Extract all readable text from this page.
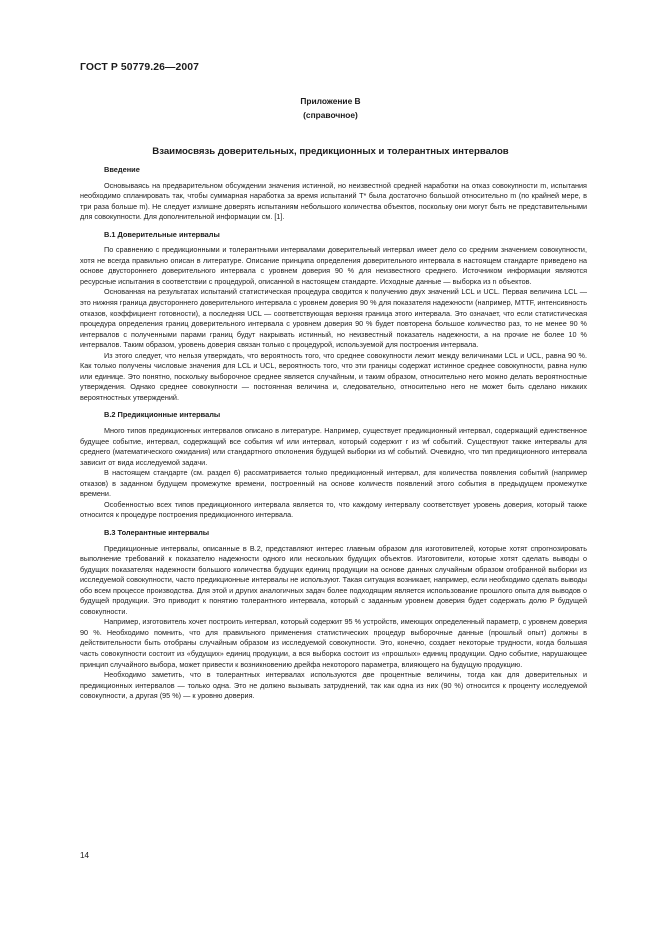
ГОСТ Р 50779.26—2007
Приложение В
(справочное)
Взаимосвязь доверительных, предикционных и толерантных интервалов
Введение

Основываясь на предварительном обсуждении значения истинной, но неизвестной средней наработки на отказ совокупности m, испытания необходимо спланировать так, чтобы суммарная наработка за время испытаний T* была достаточно большой относительно m (по крайней мере, в три раза больше m). Не следует излишне доверять испытаниям небольшого количества объектов, поскольку они могут быть не представительными для совокупности. Для дополнительной информации см. [1].

В.1 Доверительные интервалы

По сравнению с предикционными и толерантными интервалами доверительный интервал имеет дело со средним значением совокупности, хотя не всегда правильно описан в литературе. Описание принципа определения доверительного интервала в настоящем стандарте приведено на основе двустороннего доверительного интервала с уровнем доверия 90 % для неизвестного среднего. Источником информации являются ресурсные испытания в соответствии с процедурой, описанной в настоящем стандарте. Исходные данные — выборка из n объектов.

Основанная на результатах испытаний статистическая процедура сводится к получению двух значений LCL и UCL. Первая величина LCL — это нижняя граница двустороннего доверительного интервала с уровнем доверия 90 % для показателя надежности (например, MTTF, интенсивность отказов, коэффициент готовности), а последняя UCL — соответствующая верхняя граница этого интервала. Это означает, что если статистическая процедура определения границ доверительного интервала с уровнем доверия 90 % будет повторена большое количество раз, то не менее 90 % интервалов с полученными парами границ будут накрывать истинный, но неизвестный показатель надежности, а на прочие не более 10 % интервалов. Таким образом, уровень доверия связан только с процедурой, используемой для построения интервала.

Из этого следует, что нельзя утверждать, что вероятность того, что среднее совокупности лежит между величинами LCL и UCL, равна 90 %. Как только получены числовые значения для LCL и UCL, вероятность того, что эти границы содержат истинное среднее совокупности, равна нулю или единице. Это понятно, поскольку выборочное среднее является случайным, и таким образом, относительно него можно делать вероятностные утверждения. Однако среднее совокупности — постоянная величина и, следовательно, относительно него не может быть сделано никаких вероятностных утверждений.

В.2 Предикционные интервалы

Много типов предикционных интервалов описано в литературе. Например, существует предикционный интервал, содержащий единственное будущее событие, интервал, содержащий все события wf или интервал, который содержит r из wf событий. Существуют также интервалы для среднего (математического ожидания) или стандартного отклонения будущей выборки из wf событий. Очевидно, что тип предикционного интервала зависит от вида исследуемой задачи.

В настоящем стандарте (см. раздел 6) рассматривается только предикционный интервал, для количества появления событий (например отказов) в заданном будущем промежутке времени, построенный на основе количеств появлений этого события в предыдущем промежутке времени.

Особенностью всех типов предикционного интервала является то, что каждому интервалу соответствует уровень доверия, который также относится к процедуре построения предикционного интервала.

В.3 Толерантные интервалы

Предикционные интервалы, описанные в В.2, представляют интерес главным образом для изготовителей, которые хотят спрогнозировать выполнение требований к показателю надежности одного или нескольких будущих объектов. Изготовители, которые хотят сделать выводы о будущих показателях надежности большого количества будущих единиц продукции на основе данных случайным образом отобранной выборки из исследуемой совокупности, часто предикционные интервалы не используют. Такая ситуация возникает, например, если необходимо сделать выводы обо всем процессе производства. Для этой и других аналогичных задач более подходящим является использование прошлого опыта для выводов о будущей продукции. Это приводит к понятию толерантного интервала, который с заданным уровнем доверия будет содержать долю P будущей совокупности.

Например, изготовитель хочет построить интервал, который содержит 95 % устройств, имеющих определенный параметр, с уровнем доверия 90 %. Необходимо помнить, что для правильного применения статистических процедур выборочные данные (прошлый опыт) должны в действительности быть отобраны случайным образом из исследуемой совокупности. Это, конечно, создает некоторые трудности, когда большая часть совокупности состоит из «будущих» единиц продукции, а вся выборка состоит из «прошлых» единиц продукции. Одно событие, нарушающее принцип случайного выбора, может привести к возникновению дрейфа некоторого параметра, влияющего на будущую продукцию.

Необходимо заметить, что в толерантных интервалах используются две процентные величины, тогда как для доверительных и предикционных интервалов — только одна. Это не должно вызывать затруднений, так как одна из них (90 %) относится к проценту исследуемой совокупности, а другая (95 %) — к уровню доверия.

14
